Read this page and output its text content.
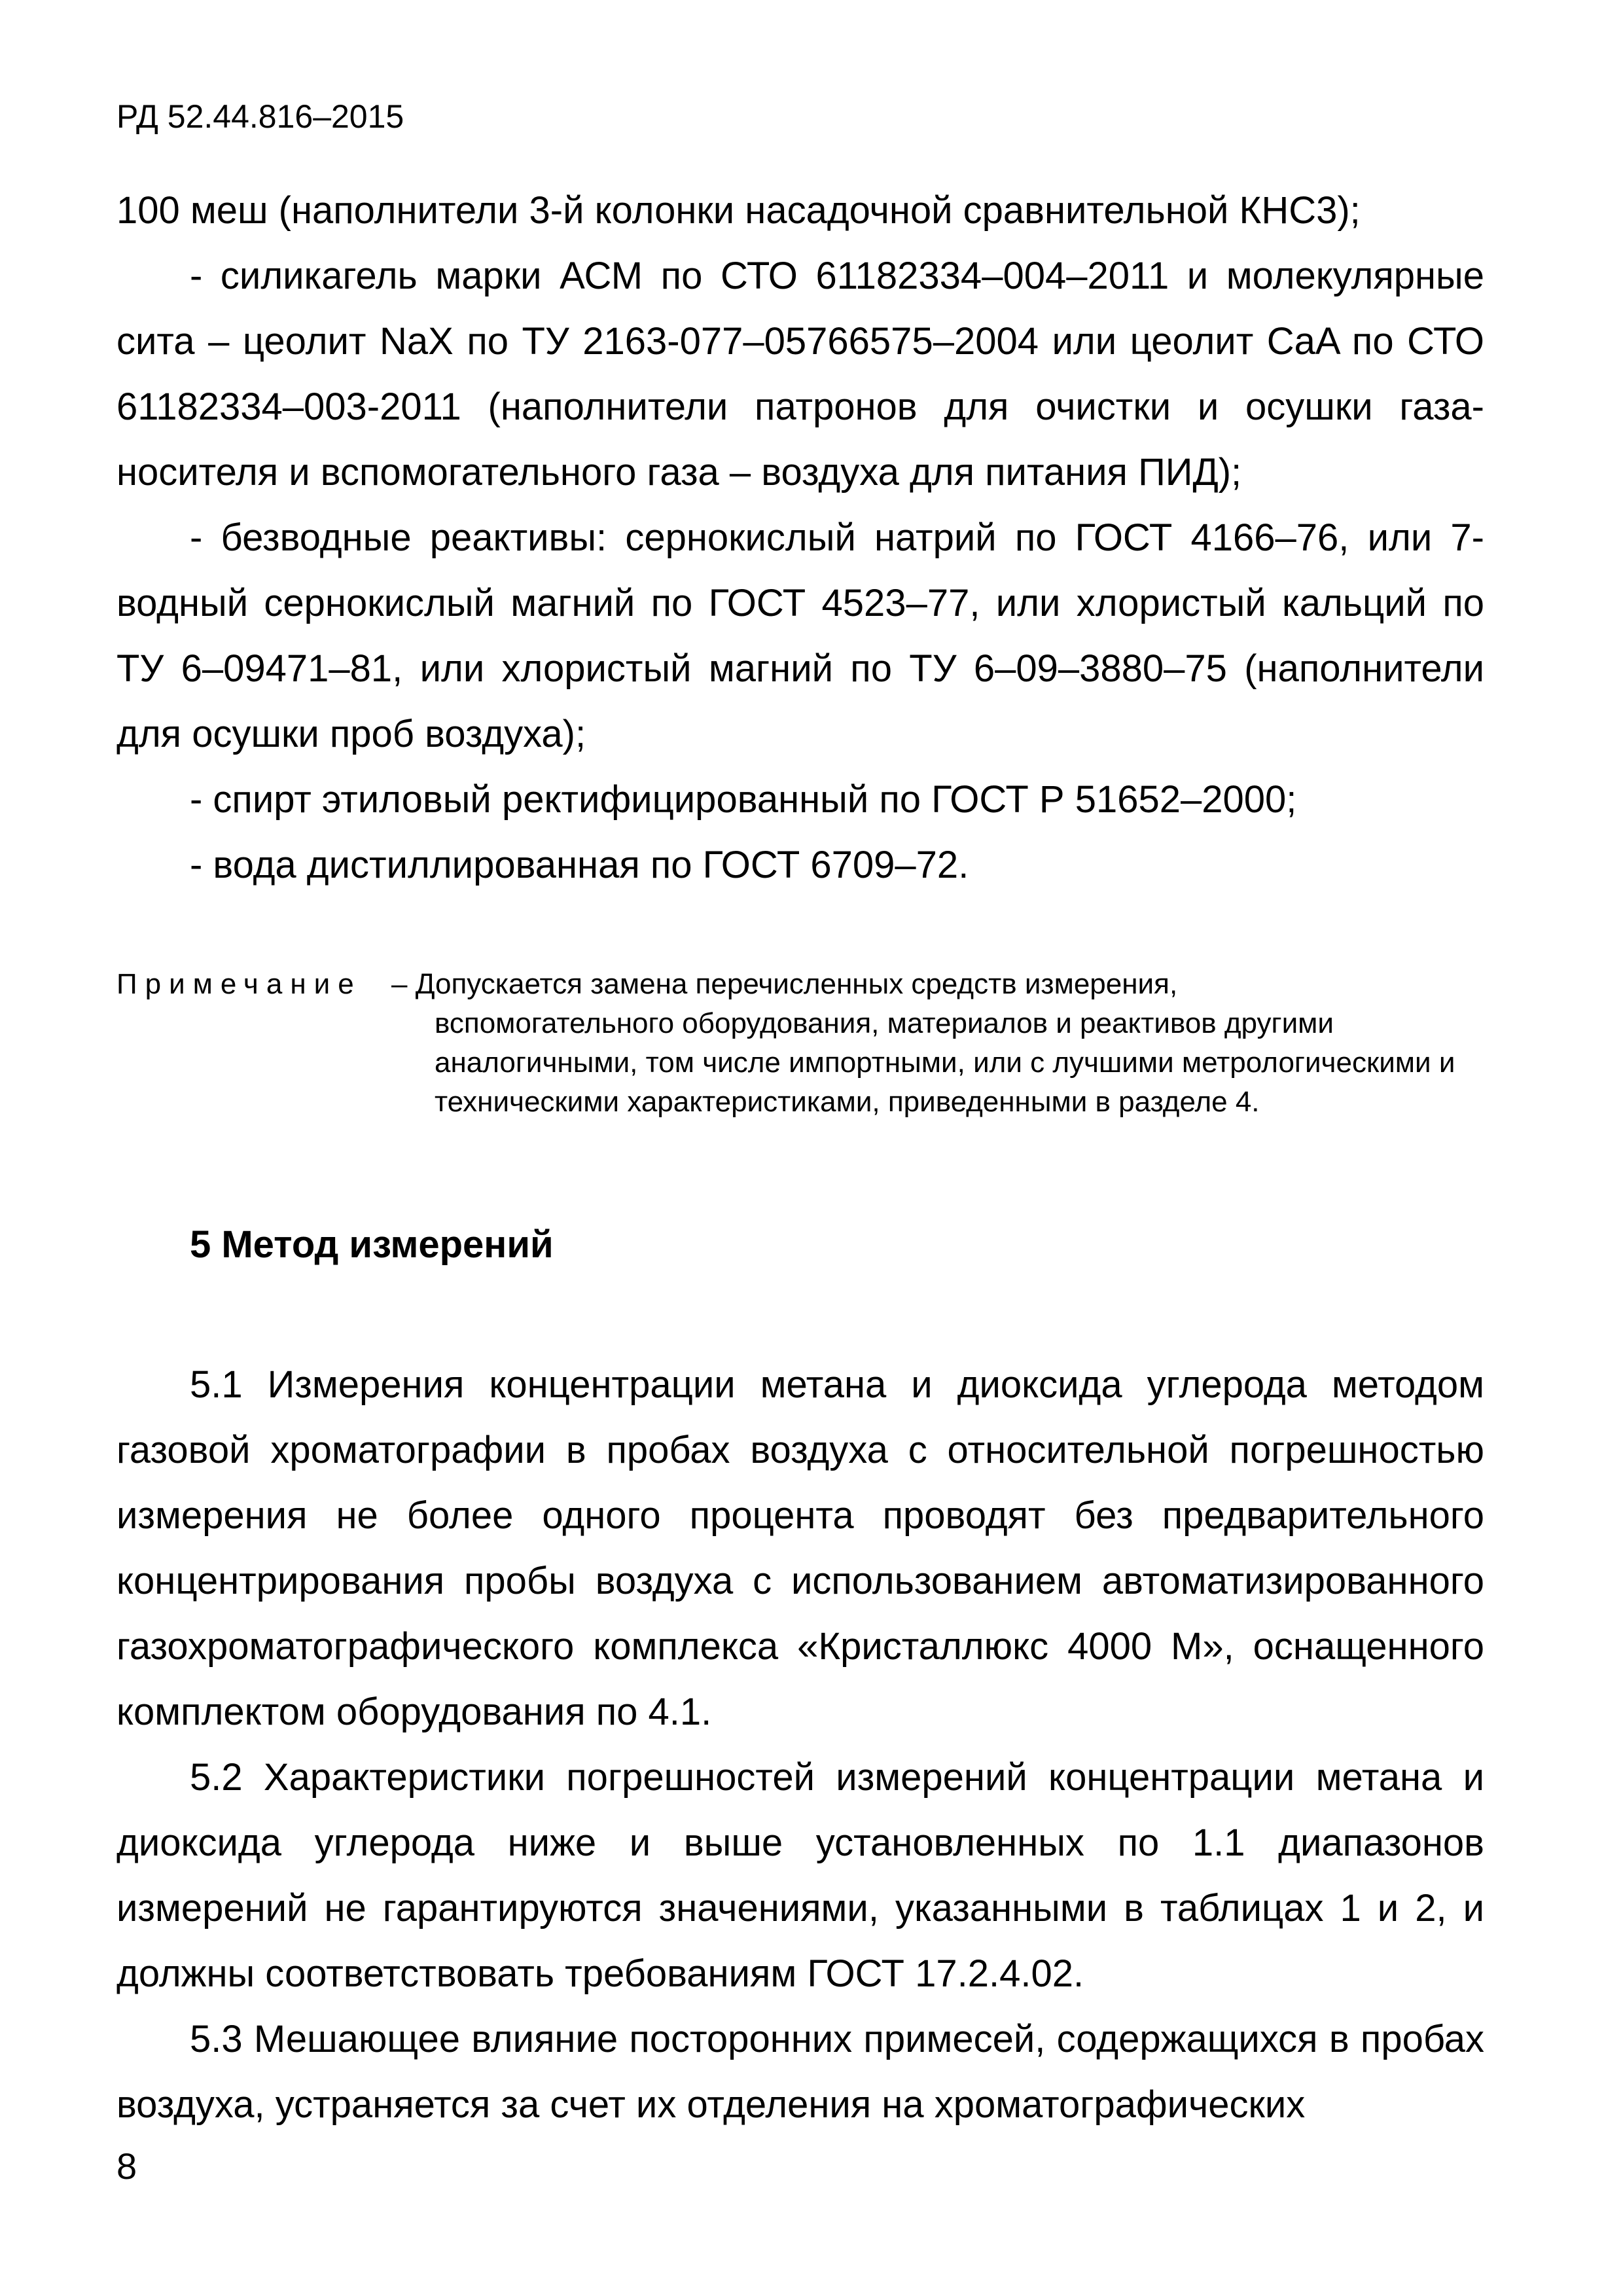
РД 52.44.816–2015

100 меш (наполнители 3-й колонки насадочной сравнительной КНС3);

- силикагель марки АСМ по СТО 61182334–004–2011 и молекулярные сита – цеолит NaX по ТУ 2163-077–05766575–2004 или цеолит CaA по СТО 61182334–003-2011 (наполнители патронов для очистки и осушки газа-носителя и вспомогательного газа – воздуха для питания ПИД);

- безводные реактивы: сернокислый натрий по ГОСТ 4166–76, или 7-водный сернокислый магний по ГОСТ 4523–77, или хлористый кальций по ТУ 6–09471–81, или хлористый магний по ТУ 6–09–3880–75 (наполнители для осушки проб воздуха);

- спирт этиловый ректифицированный по ГОСТ Р 51652–2000;

- вода дистиллированная по ГОСТ 6709–72.

Примечание – Допускается замена перечисленных средств измерения,
вспомогательного оборудования, материалов и реактивов другими аналогичными, том числе импортными, или с лучшими метрологическими и техническими характеристиками, приведенными в разделе 4.
5 Метод измерений

5.1 Измерения концентрации метана и диоксида углерода методом газовой хроматографии в пробах воздуха с относительной погрешностью измерения не более одного процента проводят без предварительного концентрирования пробы воздуха с использованием автоматизированного газохроматографического комплекса «Кристаллюкс 4000 М», оснащенного комплектом оборудования по 4.1.

5.2 Характеристики погрешностей измерений концентрации метана и диоксида углерода ниже и выше установленных по 1.1 диапазонов измерений не гарантируются значениями, указанными в таблицах 1 и 2, и должны соответствовать требованиям ГОСТ 17.2.4.02.

5.3 Мешающее влияние посторонних примесей, содержащихся в пробах воздуха, устраняется за счет их отделения на хроматографических

8
